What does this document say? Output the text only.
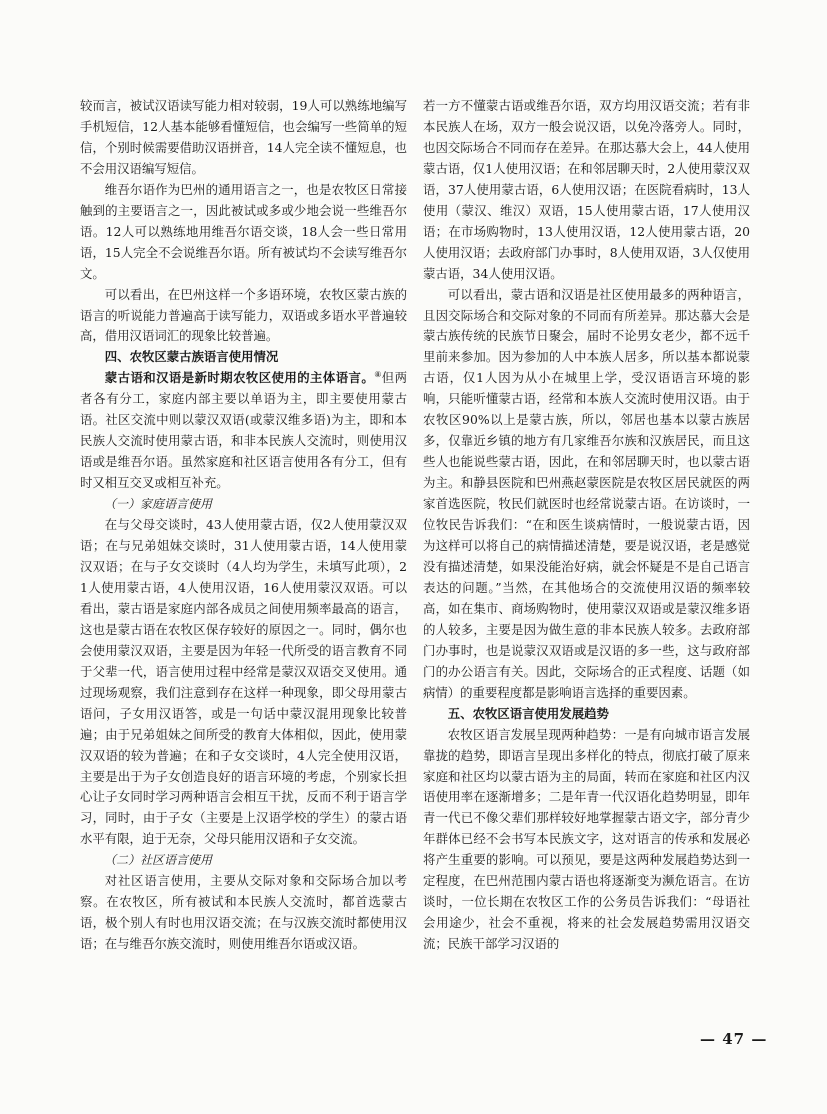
较而言，被试汉语读写能力相对较弱，19人可以熟练地编写手机短信，12人基本能够看懂短信，也会编写一些简单的短信，个别时候需要借助汉语拼音，14人完全读不懂短息，也不会用汉语编写短信。

维吾尔语作为巴州的通用语言之一，也是农牧区日常接触到的主要语言之一，因此被试或多或少地会说一些维吾尔语。12人可以熟练地用维吾尔语交谈，18人会一些日常用语，15人完全不会说维吾尔语。所有被试均不会读写维吾尔文。

可以看出，在巴州这样一个多语环境，农牧区蒙古族的语言的听说能力普遍高于读写能力，双语或多语水平普遍较高，借用汉语词汇的现象比较普遍。

四、农牧区蒙古族语言使用情况

蒙古语和汉语是新时期农牧区使用的主体语言。⑧但两者各有分工，家庭内部主要以单语为主，即主要使用蒙古语。社区交流中则以蒙汉双语(或蒙汉维多语)为主，即和本民族人交流时使用蒙古语，和非本民族人交流时，则使用汉语或是维吾尔语。虽然家庭和社区语言使用各有分工，但有时又相互交叉或相互补充。

（一）家庭语言使用

在与父母交谈时，43人使用蒙古语，仅2人使用蒙汉双语；在与兄弟姐妹交谈时，31人使用蒙古语，14人使用蒙汉双语；在与子女交谈时（4人均为学生，未填写此项），21人使用蒙古语，4人使用汉语，16人使用蒙汉双语。可以看出，蒙古语是家庭内部各成员之间使用频率最高的语言，这也是蒙古语在农牧区保存较好的原因之一。同时，偶尔也会使用蒙汉双语，主要是因为年轻一代所受的语言教育不同于父辈一代，语言使用过程中经常是蒙汉双语交叉使用。通过现场观察，我们注意到存在这样一种现象，即父母用蒙古语问，子女用汉语答，或是一句话中蒙汉混用现象比较普遍；由于兄弟姐妹之间所受的教育大体相似，因此，使用蒙汉双语的较为普遍；在和子女交谈时，4人完全使用汉语，主要是出于为子女创造良好的语言环境的考虑，个别家长担心让子女同时学习两种语言会相互干扰，反而不利于语言学习，同时，由于子女（主要是上汉语学校的学生）的蒙古语水平有限，迫于无奈，父母只能用汉语和子女交流。

（二）社区语言使用

对社区语言使用，主要从交际对象和交际场合加以考察。在农牧区，所有被试和本民族人交流时，都首选蒙古语，极个别人有时也用汉语交流；在与汉族交流时都使用汉语；在与维吾尔族交流时，则使用维吾尔语或汉语。

若一方不懂蒙古语或维吾尔语，双方均用汉语交流；若有非本民族人在场，双方一般会说汉语，以免冷落旁人。同时，也因交际场合不同而存在差异。在那达慕大会上，44人使用蒙古语，仅1人使用汉语；在和邻居聊天时，2人使用蒙汉双语，37人使用蒙古语，6人使用汉语；在医院看病时，13人使用（蒙汉、维汉）双语，15人使用蒙古语，17人使用汉语；在市场购物时，13人使用汉语，12人使用蒙古语，20人使用汉语；去政府部门办事时，8人使用双语，3人仅使用蒙古语，34人使用汉语。

可以看出，蒙古语和汉语是社区使用最多的两种语言，且因交际场合和交际对象的不同而有所差异。那达慕大会是蒙古族传统的民族节日聚会，届时不论男女老少，都不远千里前来参加。因为参加的人中本族人居多，所以基本都说蒙古语，仅1人因为从小在城里上学，受汉语语言环境的影响，只能听懂蒙古语，经常和本族人交流时使用汉语。由于农牧区90%以上是蒙古族，所以，邻居也基本以蒙古族居多，仅靠近乡镇的地方有几家维吾尔族和汉族居民，而且这些人也能说些蒙古语，因此，在和邻居聊天时，也以蒙古语为主。和静县医院和巴州燕赵蒙医院是农牧区居民就医的两家首选医院，牧民们就医时也经常说蒙古语。在访谈时，一位牧民告诉我们：“在和医生谈病情时，一般说蒙古语，因为这样可以将自己的病情描述清楚，要是说汉语，老是感觉没有描述清楚，如果没能治好病，就会怀疑是不是自己语言表达的问题。”当然，在其他场合的交流使用汉语的频率较高，如在集市、商场购物时，使用蒙汉双语或是蒙汉维多语的人较多，主要是因为做生意的非本民族人较多。去政府部门办事时，也是说蒙汉双语或是汉语的多一些，这与政府部门的办公语言有关。因此，交际场合的正式程度、话题（如病情）的重要程度都是影响语言选择的重要因素。

五、农牧区语言使用发展趋势

农牧区语言发展呈现两种趋势：一是有向城市语言发展靠拢的趋势，即语言呈现出多样化的特点，彻底打破了原来家庭和社区均以蒙古语为主的局面，转而在家庭和社区内汉语使用率在逐渐增多；二是年青一代汉语化趋势明显，即年青一代已不像父辈们那样较好地掌握蒙古语文字，部分青少年群体已经不会书写本民族文字，这对语言的传承和发展必将产生重要的影响。可以预见，要是这两种发展趋势达到一定程度，在巴州范围内蒙古语也将逐渐变为濒危语言。在访谈时，一位长期在农牧区工作的公务员告诉我们：“母语社会用途少，社会不重视，将来的社会发展趋势需用汉语交流；民族干部学习汉语的

— 47 —
